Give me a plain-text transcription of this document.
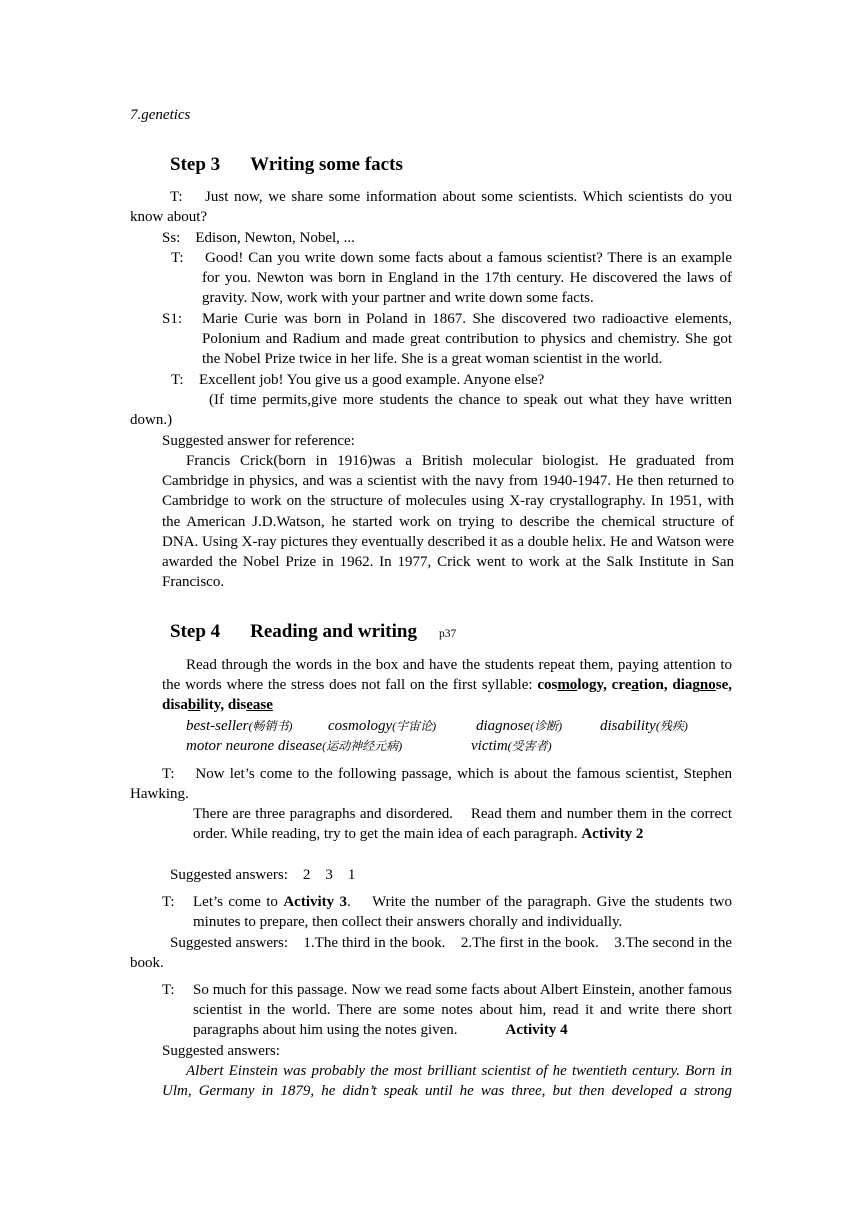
7.genetics

Step 3 Writing some facts

T:    Just now, we share some information about some scientists. Which scientists do you know about?

Ss:    Edison, Newton, Nobel, ...

T: Good! Can you write down some facts about a famous scientist? There is an example for you. Newton was born in England in the 17th century. He discovered the laws of gravity. Now, work with your partner and write down some facts.

S1: Marie Curie was born in Poland in 1867. She discovered two radioactive elements, Polonium and Radium and made great contribution to physics and chemistry. She got the Nobel Prize twice in her life. She is a great woman scientist in the world.

T: Excellent job! You give us a good example. Anyone else?

(If time permits,give more students the chance to speak out what they have written down.)

Suggested answer for reference:

Francis Crick(born in 1916)was a British molecular biologist. He graduated from Cambridge in physics, and was a scientist with the navy from 1940-1947. He then returned to Cambridge to work on the structure of molecules using X-ray crystallography. In 1951, with the American J.D.Watson, he started work on trying to describe the chemical structure of DNA. Using X-ray pictures they eventually described it as a double helix. He and Watson were awarded the Nobel Prize in 1962. In 1977, Crick went to work at the Salk Institute in San Francisco.

Step 4 Reading and writing p37

Read through the words in the box and have the students repeat them, paying attention to the words where the stress does not fall on the first syllable: cosmology, creation, diagnose, disability, disease

best-seller(畅销书) cosmology(宇宙论)	diagnose(诊断)	disability(残疾)
motor neurone disease(运动神经元病)	victim(受害者)

T:    Now let’s come to the following passage, which is about the famous scientist, Stephen Hawking.

There are three paragraphs and disordered.    Read them and number them in the correct order. While reading, try to get the main idea of each paragraph. Activity 2

Suggested answers:    2    3    1

T: Let’s come to Activity 3.    Write the number of the paragraph. Give the students two minutes to prepare, then collect their answers chorally and individually.

Suggested answers:    1.The third in the book.    2.The first in the book.    3.The second in the book.

T: So much for this passage. Now we read some facts about Albert Einstein, another famous scientist in the world. There are some notes about him, read it and write there short paragraphs about him using the notes given.	Activity 4

Suggested answers:

Albert Einstein was probably the most brilliant scientist of he twentieth century. Born in Ulm, Germany in 1879, he didn’t speak until he was three, but then developed a strong
